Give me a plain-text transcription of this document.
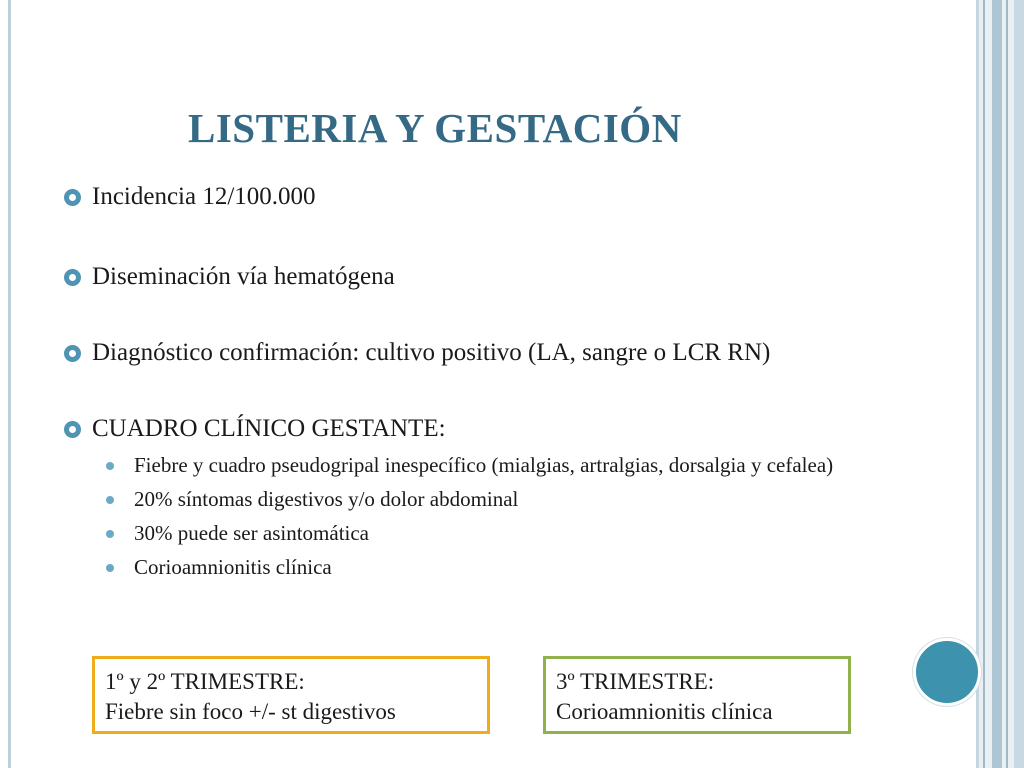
LISTERIA Y GESTACIÓN
Incidencia 12/100.000
Diseminación vía hematógena
Diagnóstico confirmación: cultivo positivo (LA, sangre o LCR RN)
CUADRO CLÍNICO GESTANTE:
Fiebre y cuadro pseudogripal inespecífico (mialgias, artralgias, dorsalgia y cefalea)
20% síntomas digestivos y/o dolor abdominal
30% puede ser asintomática
Corioamnionitis clínica
1º y 2º TRIMESTRE:
Fiebre sin foco +/- st digestivos
3º TRIMESTRE:
Corioamnionitis clínica
